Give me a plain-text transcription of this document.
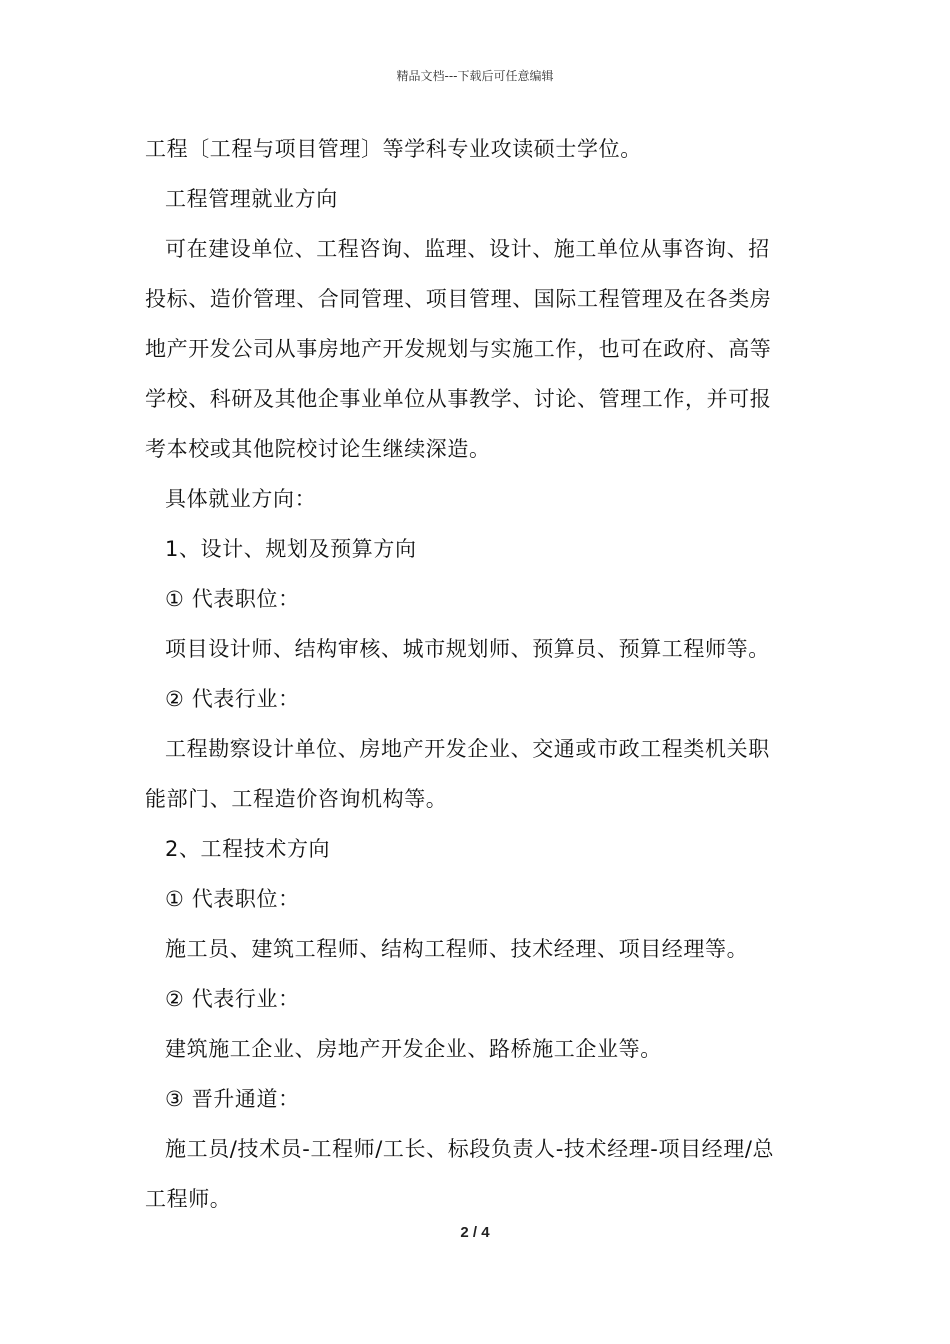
精品文档---下载后可任意编辑
工程〔工程与项目管理〕等学科专业攻读硕士学位。
工程管理就业方向
可在建设单位、工程咨询、监理、设计、施工单位从事咨询、招
投标、造价管理、合同管理、项目管理、国际工程管理及在各类房
地产开发公司从事房地产开发规划与实施工作，也可在政府、高等
学校、科研及其他企事业单位从事教学、讨论、管理工作，并可报
考本校或其他院校讨论生继续深造。
具体就业方向：
1、设计、规划及预算方向
① 代表职位：
项目设计师、结构审核、城市规划师、预算员、预算工程师等。
② 代表行业：
工程勘察设计单位、房地产开发企业、交通或市政工程类机关职
能部门、工程造价咨询机构等。
2、工程技术方向
① 代表职位：
施工员、建筑工程师、结构工程师、技术经理、项目经理等。
② 代表行业：
建筑施工企业、房地产开发企业、路桥施工企业等。
③ 晋升通道：
施工员/技术员-工程师/工长、标段负责人-技术经理-项目经理/总
工程师。
2 / 4
